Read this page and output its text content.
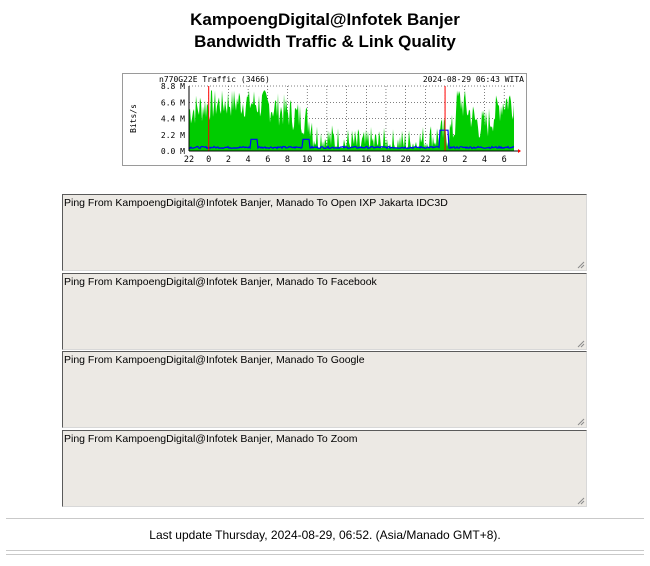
KampoengDigital@Infotek Banjer
Bandwidth Traffic & Link Quality
n770G22E Traffic (3466)	2024-08-29 06:43 WITA
Bits/s
8.8 M
6.6 M
4.4 M
2.2 M
0.0 M
22 0 2 4 6 8 10 12 14 16 18 20 22 0 2 4 6
Ping From KampoengDigital@Infotek Banjer, Manado To Open IXP Jakarta IDC3D
Ping From KampoengDigital@Infotek Banjer, Manado To Facebook
Ping From KampoengDigital@Infotek Banjer, Manado To Google
Ping From KampoengDigital@Infotek Banjer, Manado To Zoom
Last update Thursday, 2024-08-29, 06:52. (Asia/Manado GMT+8).
